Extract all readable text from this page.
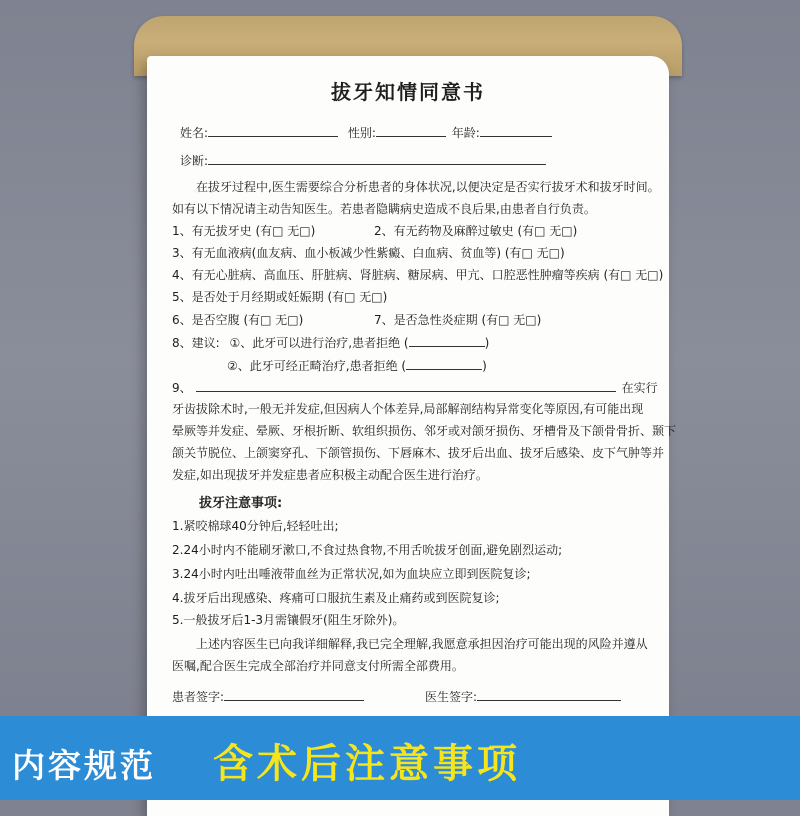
拔牙知情同意书
姓名:	性别:	年龄:
诊断:
在拔牙过程中,医生需要综合分析患者的身体状况,以便决定是否实行拔牙术和拔牙时间。
如有以下情况请主动告知医生。若患者隐瞒病史造成不良后果,由患者自行负责。
1、有无拔牙史 (有□ 无□)	2、有无药物及麻醉过敏史 (有□ 无□)
3、有无血液病(血友病、血小板减少性紫癜、白血病、贫血等) (有□ 无□)
4、有无心脏病、高血压、肝脏病、肾脏病、糖尿病、甲亢、口腔恶性肿瘤等疾病 (有□ 无□)
5、是否处于月经期或妊娠期 (有□ 无□)
6、是否空腹 (有□ 无□)	7、是否急性炎症期 (有□ 无□)
8、建议: ①、此牙可以进行治疗,患者拒绝 (	)
②、此牙可经正畸治疗,患者拒绝 (	)
9、	在实行
牙齿拔除术时,一般无并发症,但因病人个体差异,局部解剖结构异常变化等原因,有可能出现
晕厥等并发症、晕厥、牙根折断、软组织损伤、邻牙或对颌牙损伤、牙槽骨及下颌骨骨折、颞下
颌关节脱位、上颌窦穿孔、下颌管损伤、下唇麻木、拔牙后出血、拔牙后感染、皮下气肿等并
发症,如出现拔牙并发症患者应积极主动配合医生进行治疗。
拔牙注意事项:
1.紧咬棉球40分钟后,轻轻吐出;
2.24小时内不能刷牙漱口,不食过热食物,不用舌吮拔牙创面,避免剧烈运动;
3.24小时内吐出唾液带血丝为正常状况,如为血块应立即到医院复诊;
4.拔牙后出现感染、疼痛可口服抗生素及止痛药或到医院复诊;
5.一般拔牙后1-3月需镶假牙(阻生牙除外)。
上述内容医生已向我详细解释,我已完全理解,我愿意承担因治疗可能出现的风险并遵从
医嘱,配合医生完成全部治疗并同意支付所需全部费用。
患者签字:	医生签字:
内容规范 含术后注意事项
